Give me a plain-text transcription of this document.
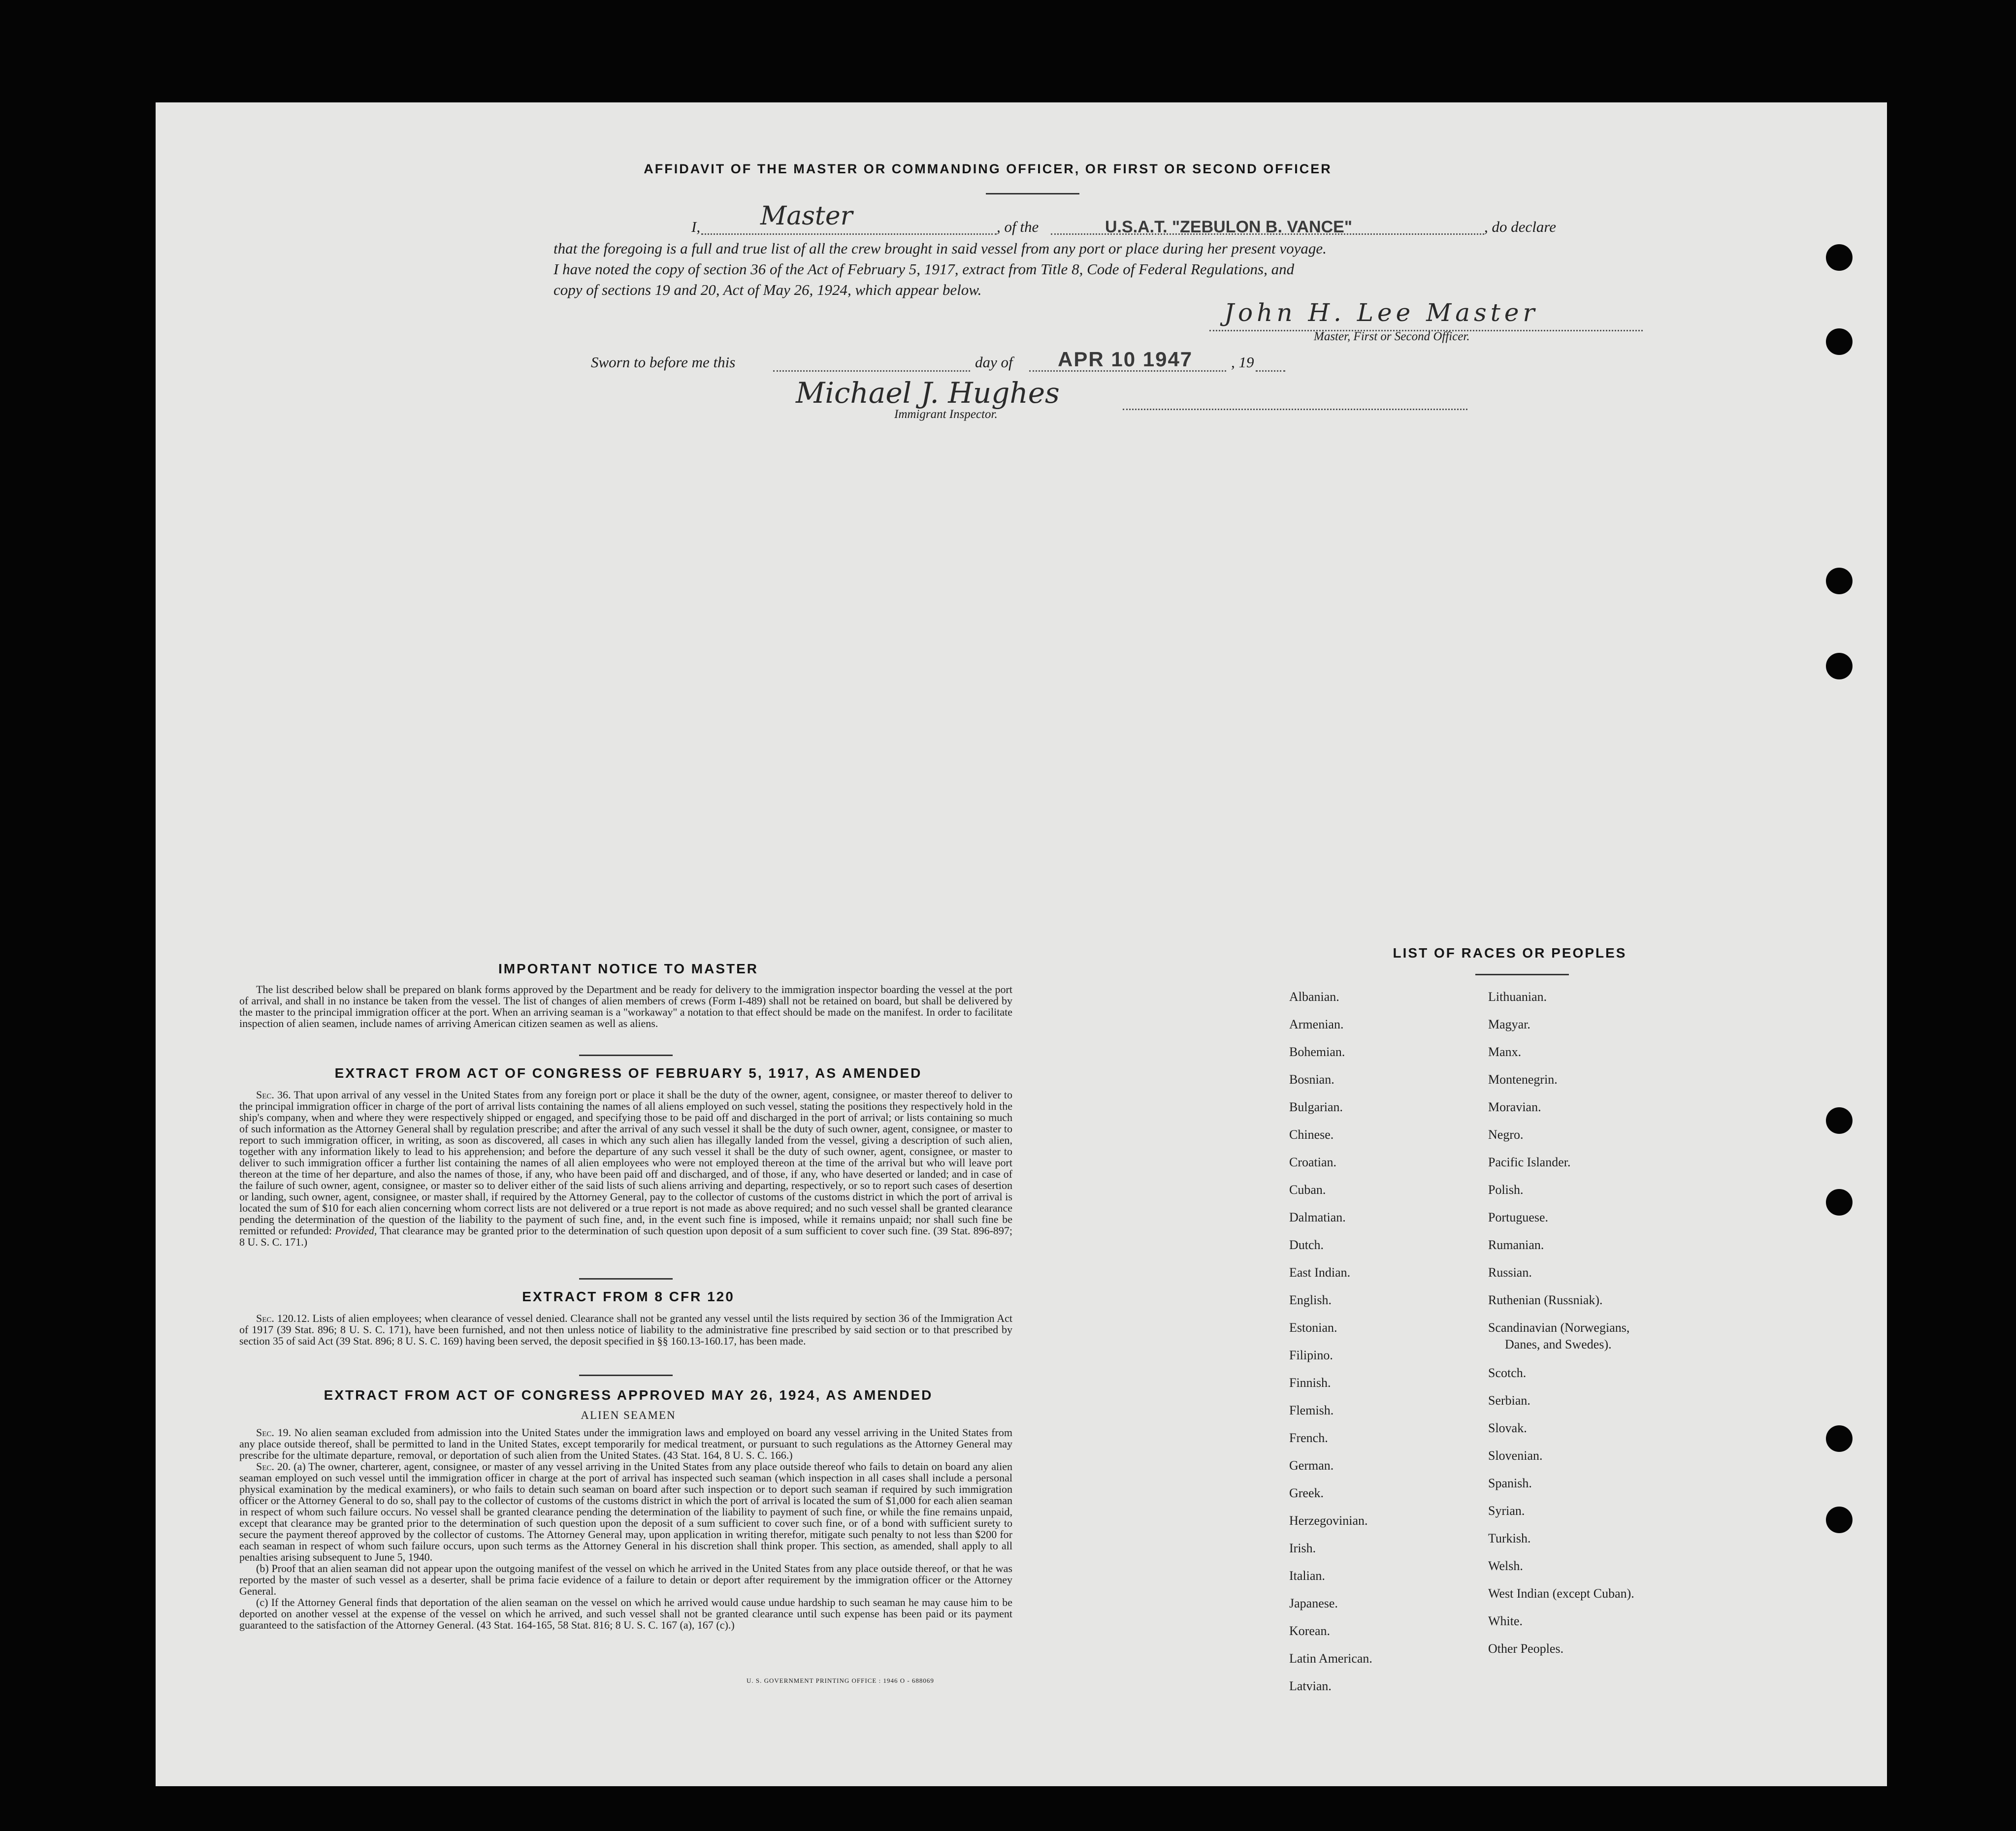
AFFIDAVIT OF THE MASTER OR COMMANDING OFFICER, OR FIRST OR SECOND OFFICER
I, Master	, of the	U.S.A.T. "ZEBULON B. VANCE"	, do declare
that the foregoing is a full and true list of all the crew brought in said vessel from any port or place during her present voyage.
I have noted the copy of section 36 of the Act of February 5, 1917, extract from Title 8, Code of Federal Regulations, and
copy of sections 19 and 20, Act of May 26, 1924, which appear below.
John H. Lee Master

Master, First or Second Officer.
Sworn to before me this	day of APR 10 1947	, 19
Michael J. Hughes
Immigrant Inspector.
IMPORTANT NOTICE TO MASTER

The list described below shall be prepared on blank forms approved by the Department and be ready for delivery to the immigration inspector boarding the vessel at the port of arrival, and shall in no instance be taken from the vessel. The list of changes of alien members of crews (Form I-489) shall not be retained on board, but shall be delivered by the master to the principal immigration officer at the port. When an arriving seaman is a "workaway" a notation to that effect should be made on the manifest. In order to facilitate inspection of alien seamen, include names of arriving American citizen seamen as well as aliens.

EXTRACT FROM ACT OF CONGRESS OF FEBRUARY 5, 1917, AS AMENDED

Sec. 36. That upon arrival of any vessel in the United States from any foreign port or place it shall be the duty of the owner, agent, consignee, or master thereof to deliver to the principal immigration officer in charge of the port of arrival lists containing the names of all aliens employed on such vessel, stating the positions they respectively hold in the ship's company, when and where they were respectively shipped or engaged, and specifying those to be paid off and discharged in the port of arrival; or lists containing so much of such information as the Attorney General shall by regulation prescribe; and after the arrival of any such vessel it shall be the duty of such owner, agent, consignee, or master to report to such immigration officer, in writing, as soon as discovered, all cases in which any such alien has illegally landed from the vessel, giving a description of such alien, together with any information likely to lead to his apprehension; and before the departure of any such vessel it shall be the duty of such owner, agent, consignee, or master to deliver to such immigration officer a further list containing the names of all alien employees who were not employed thereon at the time of the arrival but who will leave port thereon at the time of her departure, and also the names of those, if any, who have been paid off and discharged, and of those, if any, who have deserted or landed; and in case of the failure of such owner, agent, consignee, or master so to deliver either of the said lists of such aliens arriving and departing, respectively, or so to report such cases of desertion or landing, such owner, agent, consignee, or master shall, if required by the Attorney General, pay to the collector of customs of the customs district in which the port of arrival is located the sum of $10 for each alien concerning whom correct lists are not delivered or a true report is not made as above required; and no such vessel shall be granted clearance pending the determination of the question of the liability to the payment of such fine, and, in the event such fine is imposed, while it remains unpaid; nor shall such fine be remitted or refunded: Provided, That clearance may be granted prior to the determination of such question upon deposit of a sum sufficient to cover such fine. (39 Stat. 896-897; 8 U. S. C. 171.)

EXTRACT FROM 8 CFR 120

Sec. 120.12. Lists of alien employees; when clearance of vessel denied. Clearance shall not be granted any vessel until the lists required by section 36 of the Immigration Act of 1917 (39 Stat. 896; 8 U. S. C. 171), have been furnished, and not then unless notice of liability to the administrative fine prescribed by said section or to that prescribed by section 35 of said Act (39 Stat. 896; 8 U. S. C. 169) having been served, the deposit specified in §§ 160.13-160.17, has been made.

EXTRACT FROM ACT OF CONGRESS APPROVED MAY 26, 1924, AS AMENDED
ALIEN SEAMEN

Sec. 19. No alien seaman excluded from admission into the United States under the immigration laws and employed on board any vessel arriving in the United States from any place outside thereof, shall be permitted to land in the United States, except temporarily for medical treatment, or pursuant to such regulations as the Attorney General may prescribe for the ultimate departure, removal, or deportation of such alien from the United States. (43 Stat. 164, 8 U. S. C. 166.)

Sec. 20. (a) The owner, charterer, agent, consignee, or master of any vessel arriving in the United States from any place outside thereof who fails to detain on board any alien seaman employed on such vessel until the immigration officer in charge at the port of arrival has inspected such seaman (which inspection in all cases shall include a personal physical examination by the medical examiners), or who fails to detain such seaman on board after such inspection or to deport such seaman if required by such immigration officer or the Attorney General to do so, shall pay to the collector of customs of the customs district in which the port of arrival is located the sum of $1,000 for each alien seaman in respect of whom such failure occurs. No vessel shall be granted clearance pending the determination of the liability to payment of such fine, or while the fine remains unpaid, except that clearance may be granted prior to the determination of such question upon the deposit of a sum sufficient to cover such fine, or of a bond with sufficient surety to secure the payment thereof approved by the collector of customs. The Attorney General may, upon application in writing therefor, mitigate such penalty to not less than $200 for each seaman in respect of whom such failure occurs, upon such terms as the Attorney General in his discretion shall think proper. This section, as amended, shall apply to all penalties arising subsequent to June 5, 1940.

(b) Proof that an alien seaman did not appear upon the outgoing manifest of the vessel on which he arrived in the United States from any place outside thereof, or that he was reported by the master of such vessel as a deserter, shall be prima facie evidence of a failure to detain or deport after requirement by the immigration officer or the Attorney General.

(c) If the Attorney General finds that deportation of the alien seaman on the vessel on which he arrived would cause undue hardship to such seaman he may cause him to be deported on another vessel at the expense of the vessel on which he arrived, and such vessel shall not be granted clearance until such expense has been paid or its payment guaranteed to the satisfaction of the Attorney General. (43 Stat. 164-165, 58 Stat. 816; 8 U. S. C. 167 (a), 167 (c).)

U. S. GOVERNMENT PRINTING OFFICE : 1946 O - 688069
LIST OF RACES OR PEOPLES
Albanian.
Armenian.
Bohemian.
Bosnian.
Bulgarian.
Chinese.
Croatian.
Cuban.
Dalmatian.
Dutch.
East Indian.
English.
Estonian.
Filipino.
Finnish.
Flemish.
French.
German.
Greek.
Herzegovinian.
Irish.
Italian.
Japanese.
Korean.
Latin American.
Latvian.
Lithuanian.
Magyar.
Manx.
Montenegrin.
Moravian.
Negro.
Pacific Islander.
Polish.
Portuguese.
Rumanian.
Russian.
Ruthenian (Russniak).
Scandinavian (Norwegians,
Danes, and Swedes).
Scotch.
Serbian.
Slovak.
Slovenian.
Spanish.
Syrian.
Turkish.
Welsh.
West Indian (except Cuban).
White.
Other Peoples.
